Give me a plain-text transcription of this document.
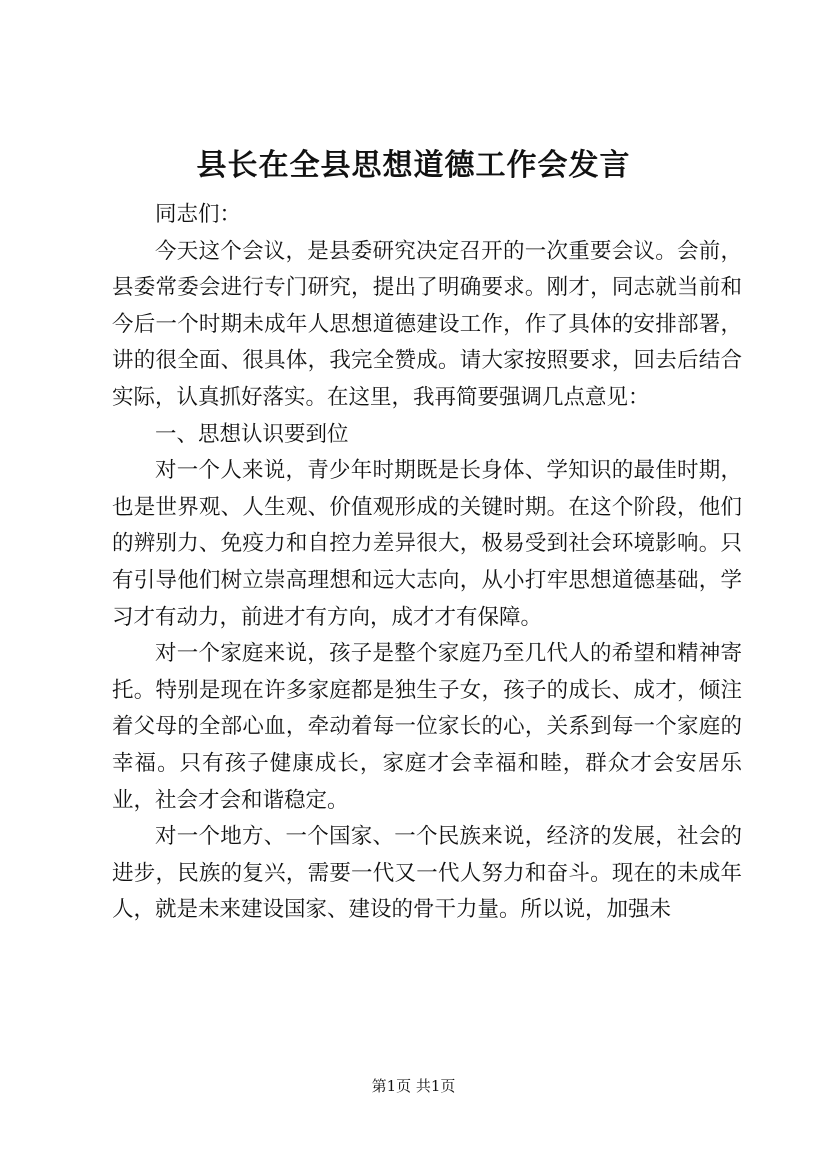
县长在全县思想道德工作会发言

同志们：

今天这个会议，是县委研究决定召开的一次重要会议。会前，县委常委会进行专门研究，提出了明确要求。刚才，同志就当前和今后一个时期未成年人思想道德建设工作，作了具体的安排部署，讲的很全面、很具体，我完全赞成。请大家按照要求，回去后结合实际，认真抓好落实。在这里，我再简要强调几点意见：

一、思想认识要到位

对一个人来说，青少年时期既是长身体、学知识的最佳时期，也是世界观、人生观、价值观形成的关键时期。在这个阶段，他们的辨别力、免疫力和自控力差异很大，极易受到社会环境影响。只有引导他们树立崇高理想和远大志向，从小打牢思想道德基础，学习才有动力，前进才有方向，成才才有保障。

对一个家庭来说，孩子是整个家庭乃至几代人的希望和精神寄托。特别是现在许多家庭都是独生子女，孩子的成长、成才，倾注着父母的全部心血，牵动着每一位家长的心，关系到每一个家庭的幸福。只有孩子健康成长，家庭才会幸福和睦，群众才会安居乐业，社会才会和谐稳定。

对一个地方、一个国家、一个民族来说，经济的发展，社会的进步，民族的复兴，需要一代又一代人努力和奋斗。现在的未成年人，就是未来建设国家、建设的骨干力量。所以说，加强未

第1页 共1页
